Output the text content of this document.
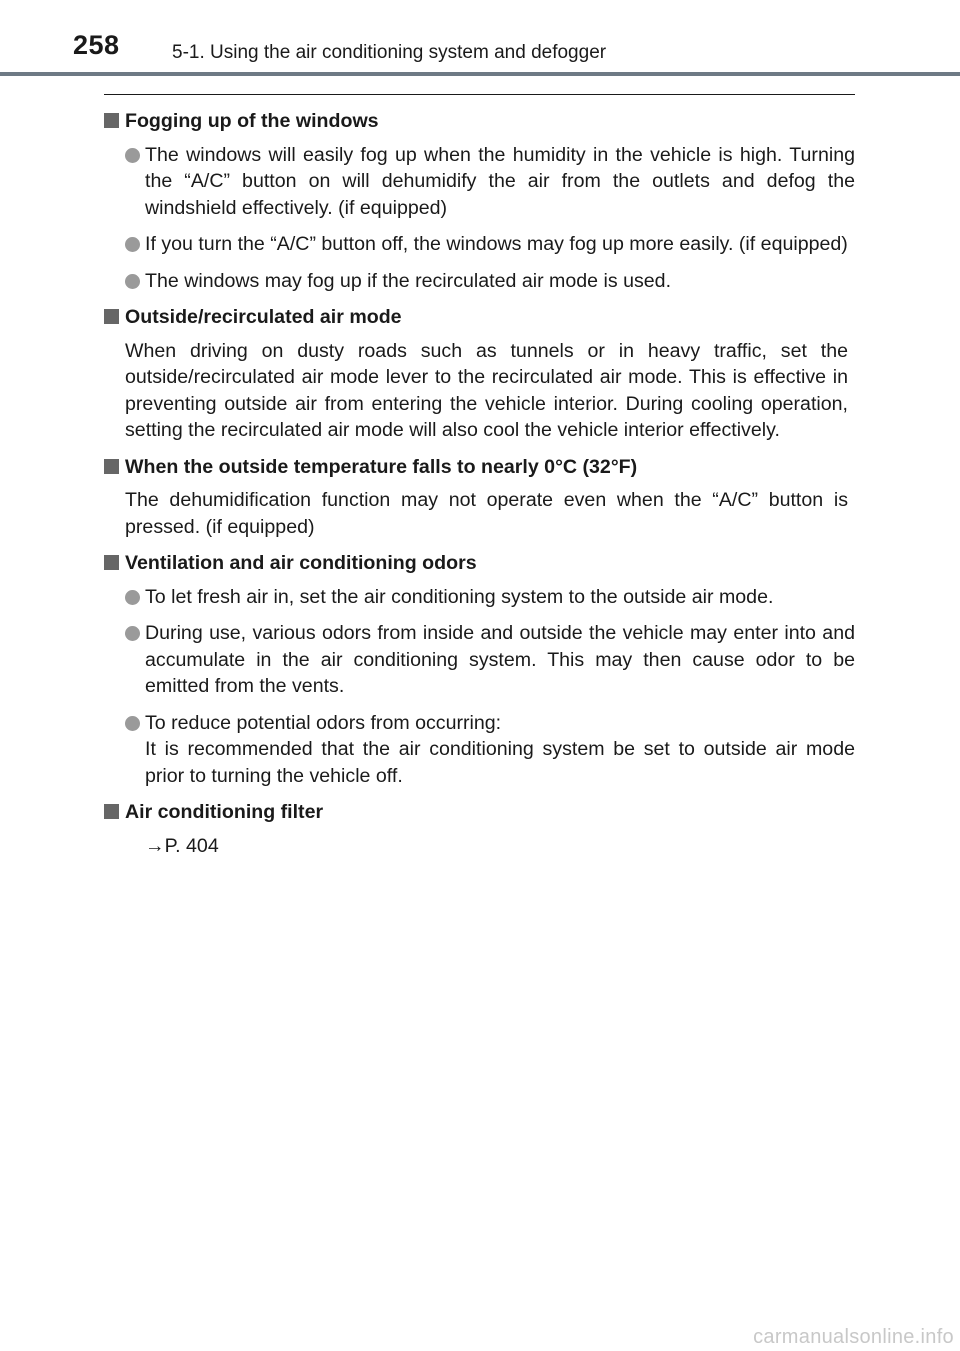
258	5-1. Using the air conditioning system and defogger
Fogging up of the windows
The windows will easily fog up when the humidity in the vehicle is high. Turning the “A/C” button on will dehumidify the air from the outlets and defog the windshield effectively. (if equipped)
If you turn the “A/C” button off, the windows may fog up more easily. (if equipped)
The windows may fog up if the recirculated air mode is used.
Outside/recirculated air mode
When driving on dusty roads such as tunnels or in heavy traffic, set the outside/recirculated air mode lever to the recirculated air mode. This is effective in preventing outside air from entering the vehicle interior. During cooling operation, setting the recirculated air mode will also cool the vehicle interior effectively.
When the outside temperature falls to nearly 0°C (32°F)
The dehumidification function may not operate even when the “A/C” button is pressed. (if equipped)
Ventilation and air conditioning odors
To let fresh air in, set the air conditioning system to the outside air mode.
During use, various odors from inside and outside the vehicle may enter into and accumulate in the air conditioning system. This may then cause odor to be emitted from the vents.
To reduce potential odors from occurring:
It is recommended that the air conditioning system be set to outside air mode prior to turning the vehicle off.
Air conditioning filter
→P. 404
carmanualsonline.info
